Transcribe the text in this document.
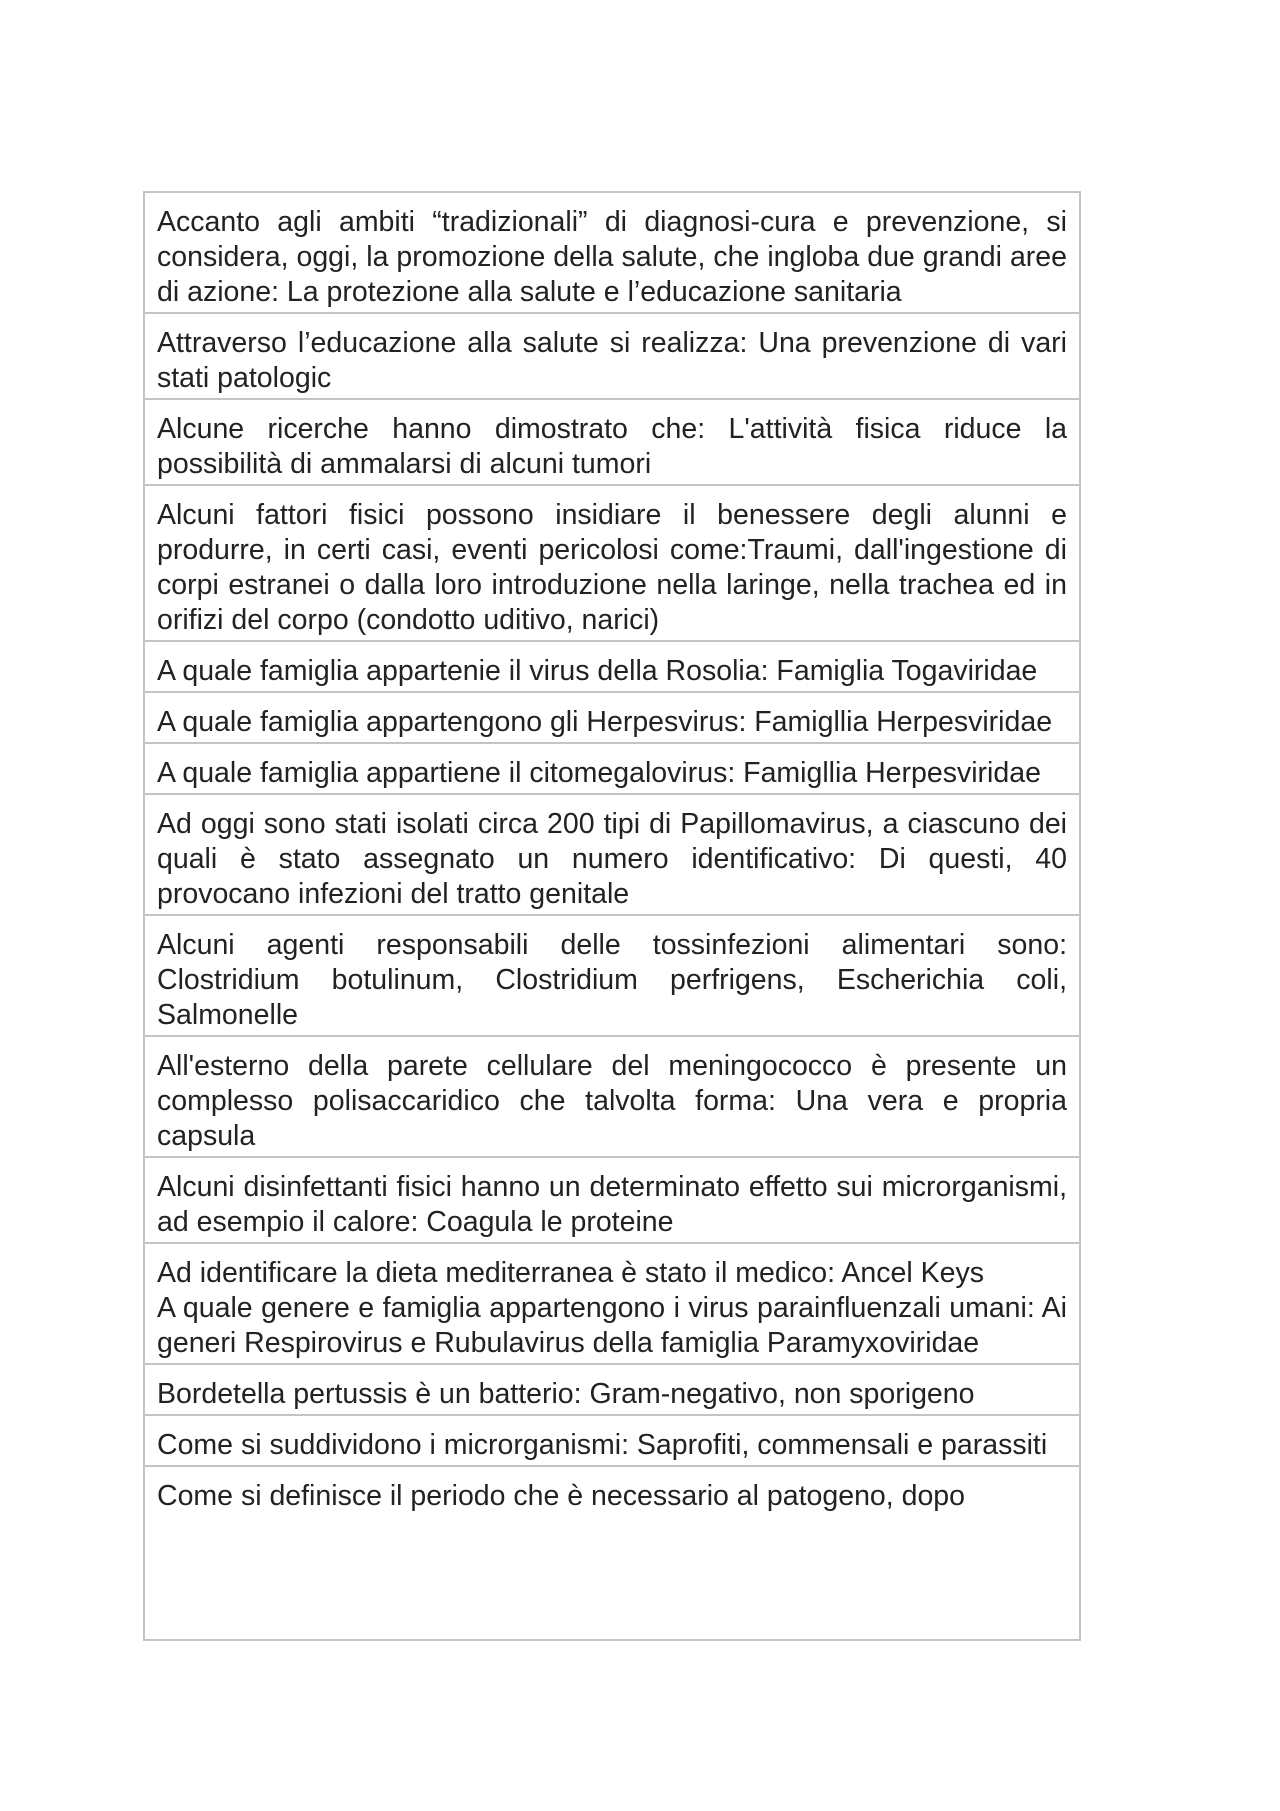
Accanto agli ambiti “tradizionali” di diagnosi-cura e prevenzione, si considera, oggi, la promozione della salute, che ingloba due grandi aree di azione: La protezione alla salute e l’educazione sanitaria
Attraverso l’educazione alla salute si realizza: Una prevenzione di vari stati patologic
Alcune ricerche hanno dimostrato che: L'attività fisica riduce la possibilità di ammalarsi di alcuni tumori
Alcuni fattori fisici possono insidiare il benessere degli alunni e produrre, in certi casi, eventi pericolosi come:Traumi, dall'ingestione di corpi estranei o dalla loro introduzione nella laringe, nella trachea ed in orifizi del corpo (condotto uditivo, narici)
A quale famiglia appartenie il virus della Rosolia: Famiglia Togaviridae
A quale famiglia appartengono gli Herpesvirus: Famigllia Herpesviridae
A quale famiglia appartiene il citomegalovirus: Famigllia Herpesviridae
Ad oggi sono stati isolati circa 200 tipi di Papillomavirus, a ciascuno dei quali è stato assegnato un numero identificativo: Di questi, 40 provocano infezioni del tratto genitale
Alcuni agenti responsabili delle tossinfezioni alimentari sono: Clostridium botulinum, Clostridium perfrigens, Escherichia coli, Salmonelle
All'esterno della parete cellulare del meningococco è presente un complesso polisaccaridico che talvolta forma: Una vera e propria capsula
Alcuni disinfettanti fisici hanno un determinato effetto sui microrganismi, ad esempio il calore: Coagula le proteine
Ad identificare la dieta mediterranea è stato il medico: Ancel Keys
A quale genere e famiglia appartengono i virus parainfluenzali umani: Ai generi Respirovirus e Rubulavirus della famiglia Paramyxoviridae
Bordetella pertussis è un batterio: Gram-negativo, non sporigeno
Come si suddividono i microrganismi: Saprofiti, commensali e parassiti
Come si definisce il periodo che è necessario al patogeno, dopo
